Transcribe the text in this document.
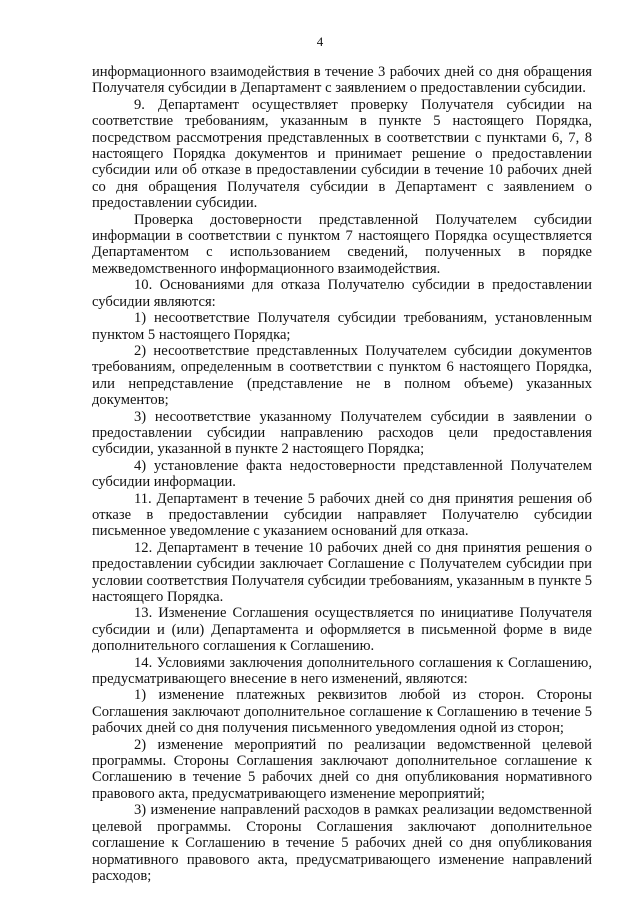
4

информационного взаимодействия в течение 3 рабочих дней со дня обращения Получателя субсидии в Департамент с заявлением о предоставлении субсидии.

9. Департамент осуществляет проверку Получателя субсидии на соответствие требованиям, указанным в пункте 5 настоящего Порядка, посредством рассмотрения представленных в соответствии с пунктами 6, 7, 8 настоящего Порядка документов и принимает решение о предоставлении субсидии или об отказе в предоставлении субсидии в течение 10 рабочих дней со дня обращения Получателя субсидии в Департамент с заявлением о предоставлении субсидии.

Проверка достоверности представленной Получателем субсидии информации в соответствии с пунктом 7 настоящего Порядка осуществляется Департаментом с использованием сведений, полученных в порядке межведомственного информационного взаимодействия.

10. Основаниями для отказа Получателю субсидии в предоставлении субсидии являются:

1) несоответствие Получателя субсидии требованиям, установленным пунктом 5 настоящего Порядка;

2) несоответствие представленных Получателем субсидии документов требованиям, определенным в соответствии с пунктом 6 настоящего Порядка, или непредставление (представление не в полном объеме) указанных документов;

3) несоответствие указанному Получателем субсидии в заявлении о предоставлении субсидии направлению расходов цели предоставления субсидии, указанной в пункте 2 настоящего Порядка;

4) установление факта недостоверности представленной Получателем субсидии информации.

11. Департамент в течение 5 рабочих дней со дня принятия решения об отказе в предоставлении субсидии направляет Получателю субсидии письменное уведомление с указанием оснований для отказа.

12. Департамент в течение 10 рабочих дней со дня принятия решения о предоставлении субсидии заключает Соглашение с Получателем субсидии при условии соответствия Получателя субсидии требованиям, указанным в пункте 5 настоящего Порядка.

13. Изменение Соглашения осуществляется по инициативе Получателя субсидии и (или) Департамента и оформляется в письменной форме в виде дополнительного соглашения к Соглашению.

14. Условиями заключения дополнительного соглашения к Соглашению, предусматривающего внесение в него изменений, являются:

1) изменение платежных реквизитов любой из сторон. Стороны Соглашения заключают дополнительное соглашение к Соглашению в течение 5 рабочих дней со дня получения письменного уведомления одной из сторон;

2) изменение мероприятий по реализации ведомственной целевой программы. Стороны Соглашения заключают дополнительное соглашение к Соглашению в течение 5 рабочих дней со дня опубликования нормативного правового акта, предусматривающего изменение мероприятий;

3) изменение направлений расходов в рамках реализации ведомственной целевой программы. Стороны Соглашения заключают дополнительное соглашение к Соглашению в течение 5 рабочих дней со дня опубликования нормативного правового акта, предусматривающего изменение направлений расходов;
